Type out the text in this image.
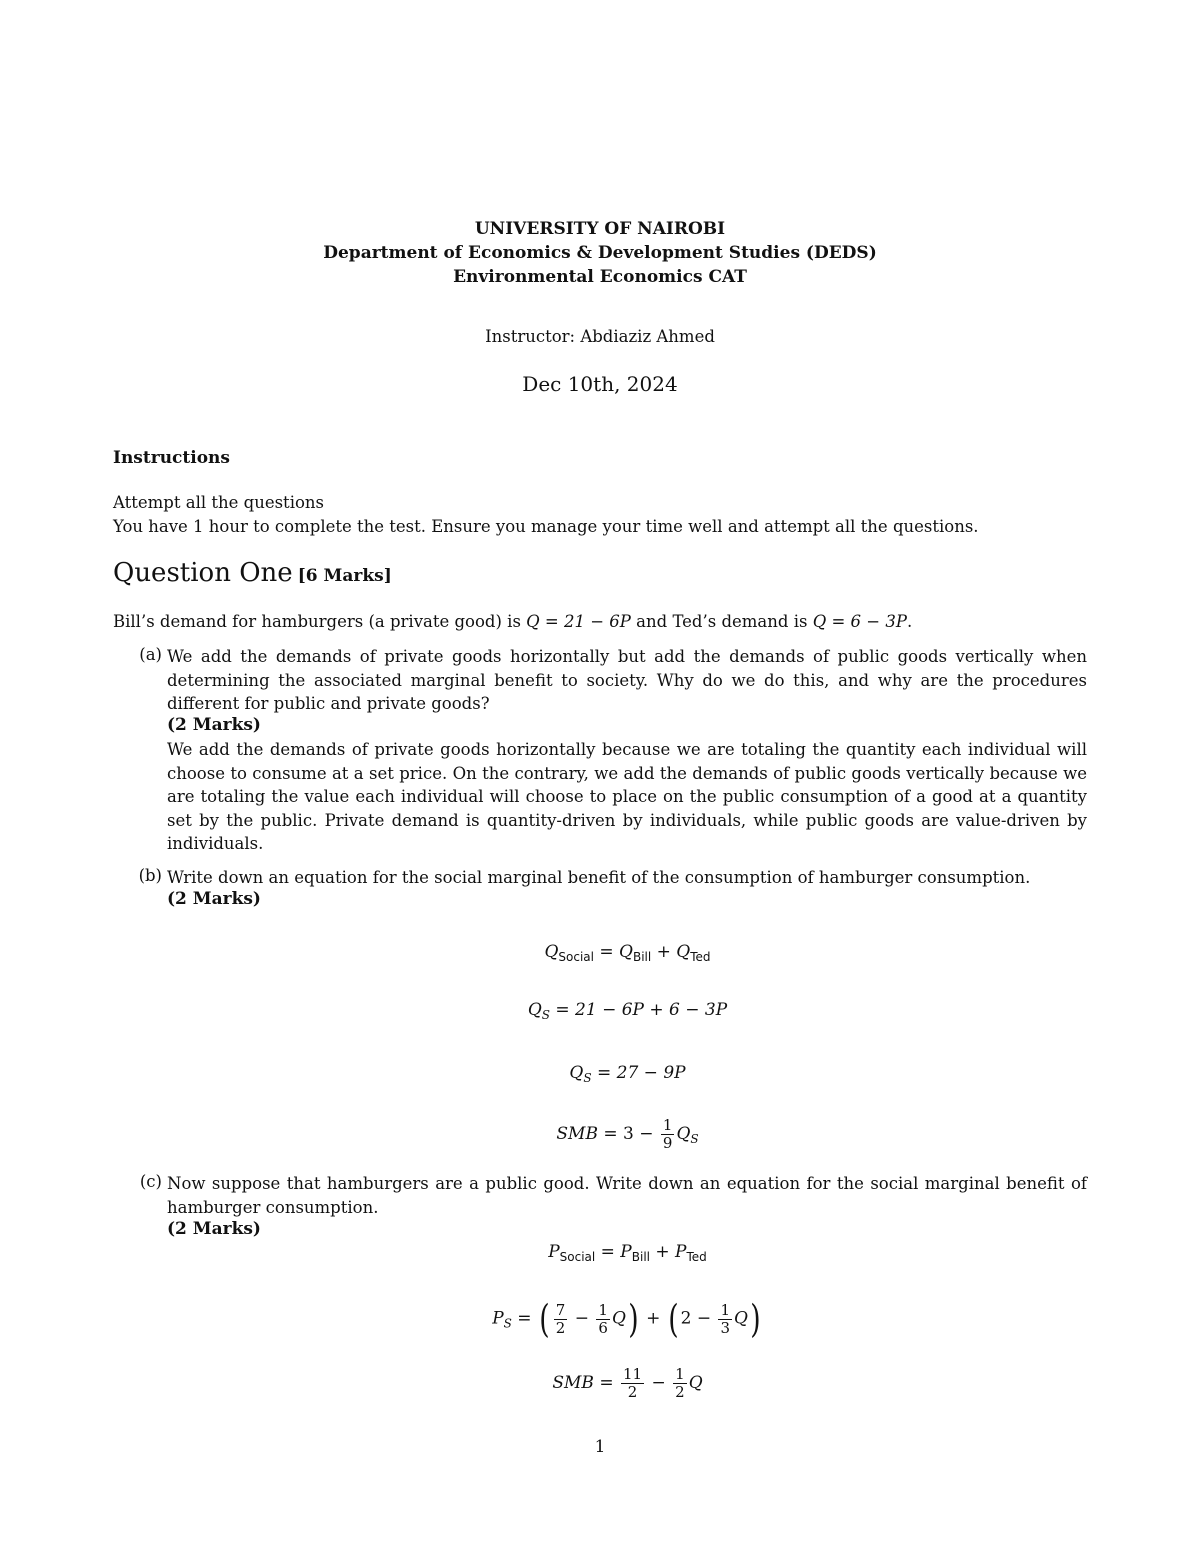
UNIVERSITY OF NAIROBI
Department of Economics & Development Studies (DEDS)
Environmental Economics CAT
Instructor: Abdiaziz Ahmed
Dec 10th, 2024
Instructions
Attempt all the questions
You have 1 hour to complete the test. Ensure you manage your time well and attempt all the questions.
Question One [6 Marks]
Bill’s demand for hamburgers (a private good) is Q = 21 − 6P and Ted’s demand is Q = 6 − 3P.
(a) We add the demands of private goods horizontally but add the demands of public goods vertically when determining the associated marginal benefit to society. Why do we do this, and why are the procedures different for public and private goods?
(2 Marks)
We add the demands of private goods horizontally because we are totaling the quantity each individual will choose to consume at a set price. On the contrary, we add the demands of public goods vertically because we are totaling the value each individual will choose to place on the public consumption of a good at a quantity set by the public. Private demand is quantity-driven by individuals, while public goods are value-driven by individuals.
(b) Write down an equation for the social marginal benefit of the consumption of hamburger consumption.
(2 Marks)
$Q_{Social} = Q_{Bill} + Q_{Ted}$
$Q_S = 21 - 6P + 6 - 3P$
$Q_S = 27 - 9P$
SMB = $3 - \frac{1}{9} Q_S$
(c) Now suppose that hamburgers are a public good. Write down an equation for the social marginal benefit of hamburger consumption.
(2 Marks)
$P_{Social} = P_{Bill} + P_{Ted}$
$P_S$ = ( $\frac{7}{2} - \frac{1}{6} Q$) + ( $2 - \frac{1}{3} Q$)
SMB = $\frac{11}{2} - \frac{1}{2}$ Q
1
